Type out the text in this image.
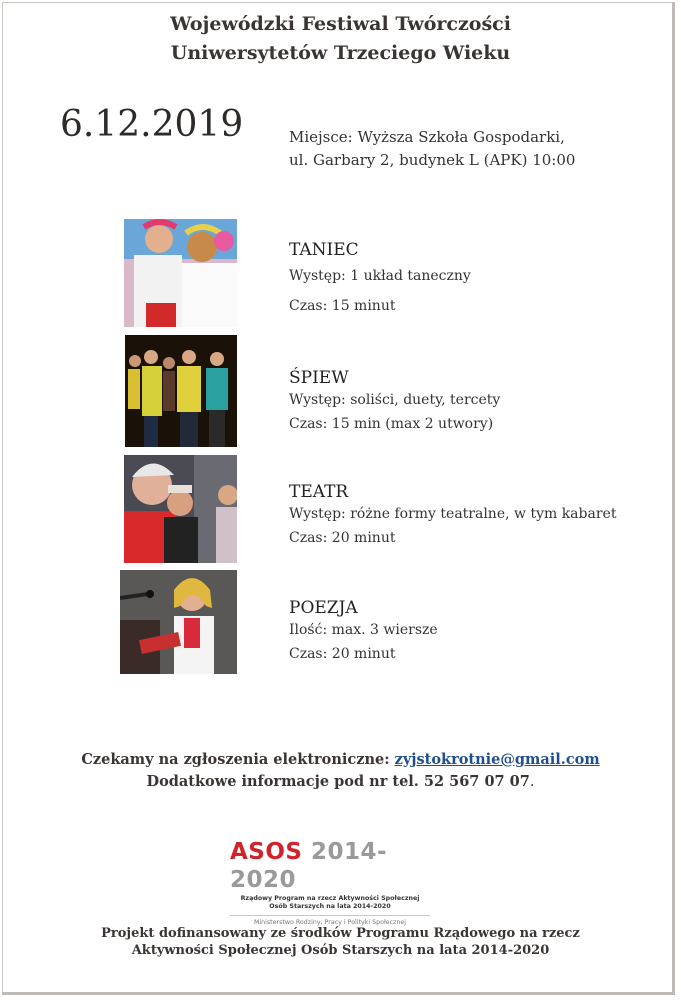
Wojewódzki Festiwal Twórczości
Uniwersytetów Trzeciego Wieku
6.12.2019	Miejsce: Wyższa Szkoła Gospodarki,
ul. Garbary 2, budynek L (APK) 10:00
TANIEC
Występ: 1 układ taneczny
Czas: 15 minut
ŚPIEW
Występ: soliści, duety, tercety
Czas: 15 min (max 2 utwory)
TEATR
Występ: różne formy teatralne, w tym kabaret
Czas: 20 minut
POEZJA
Ilość: max. 3 wiersze
Czas: 20 minut
Czekamy na zgłoszenia elektroniczne: zyjstokrotnie@gmail.com
Dodatkowe informacje pod nr tel. 52 567 07 07.
ASOS 2014-2020
Rządowy Program na rzecz Aktywności Społecznej
Osób Starszych na lata 2014-2020
Ministerstwo Rodziny, Pracy i Polityki Społecznej
Projekt dofinansowany ze środków Programu Rządowego na rzecz
Aktywności Społecznej Osób Starszych na lata 2014-2020
